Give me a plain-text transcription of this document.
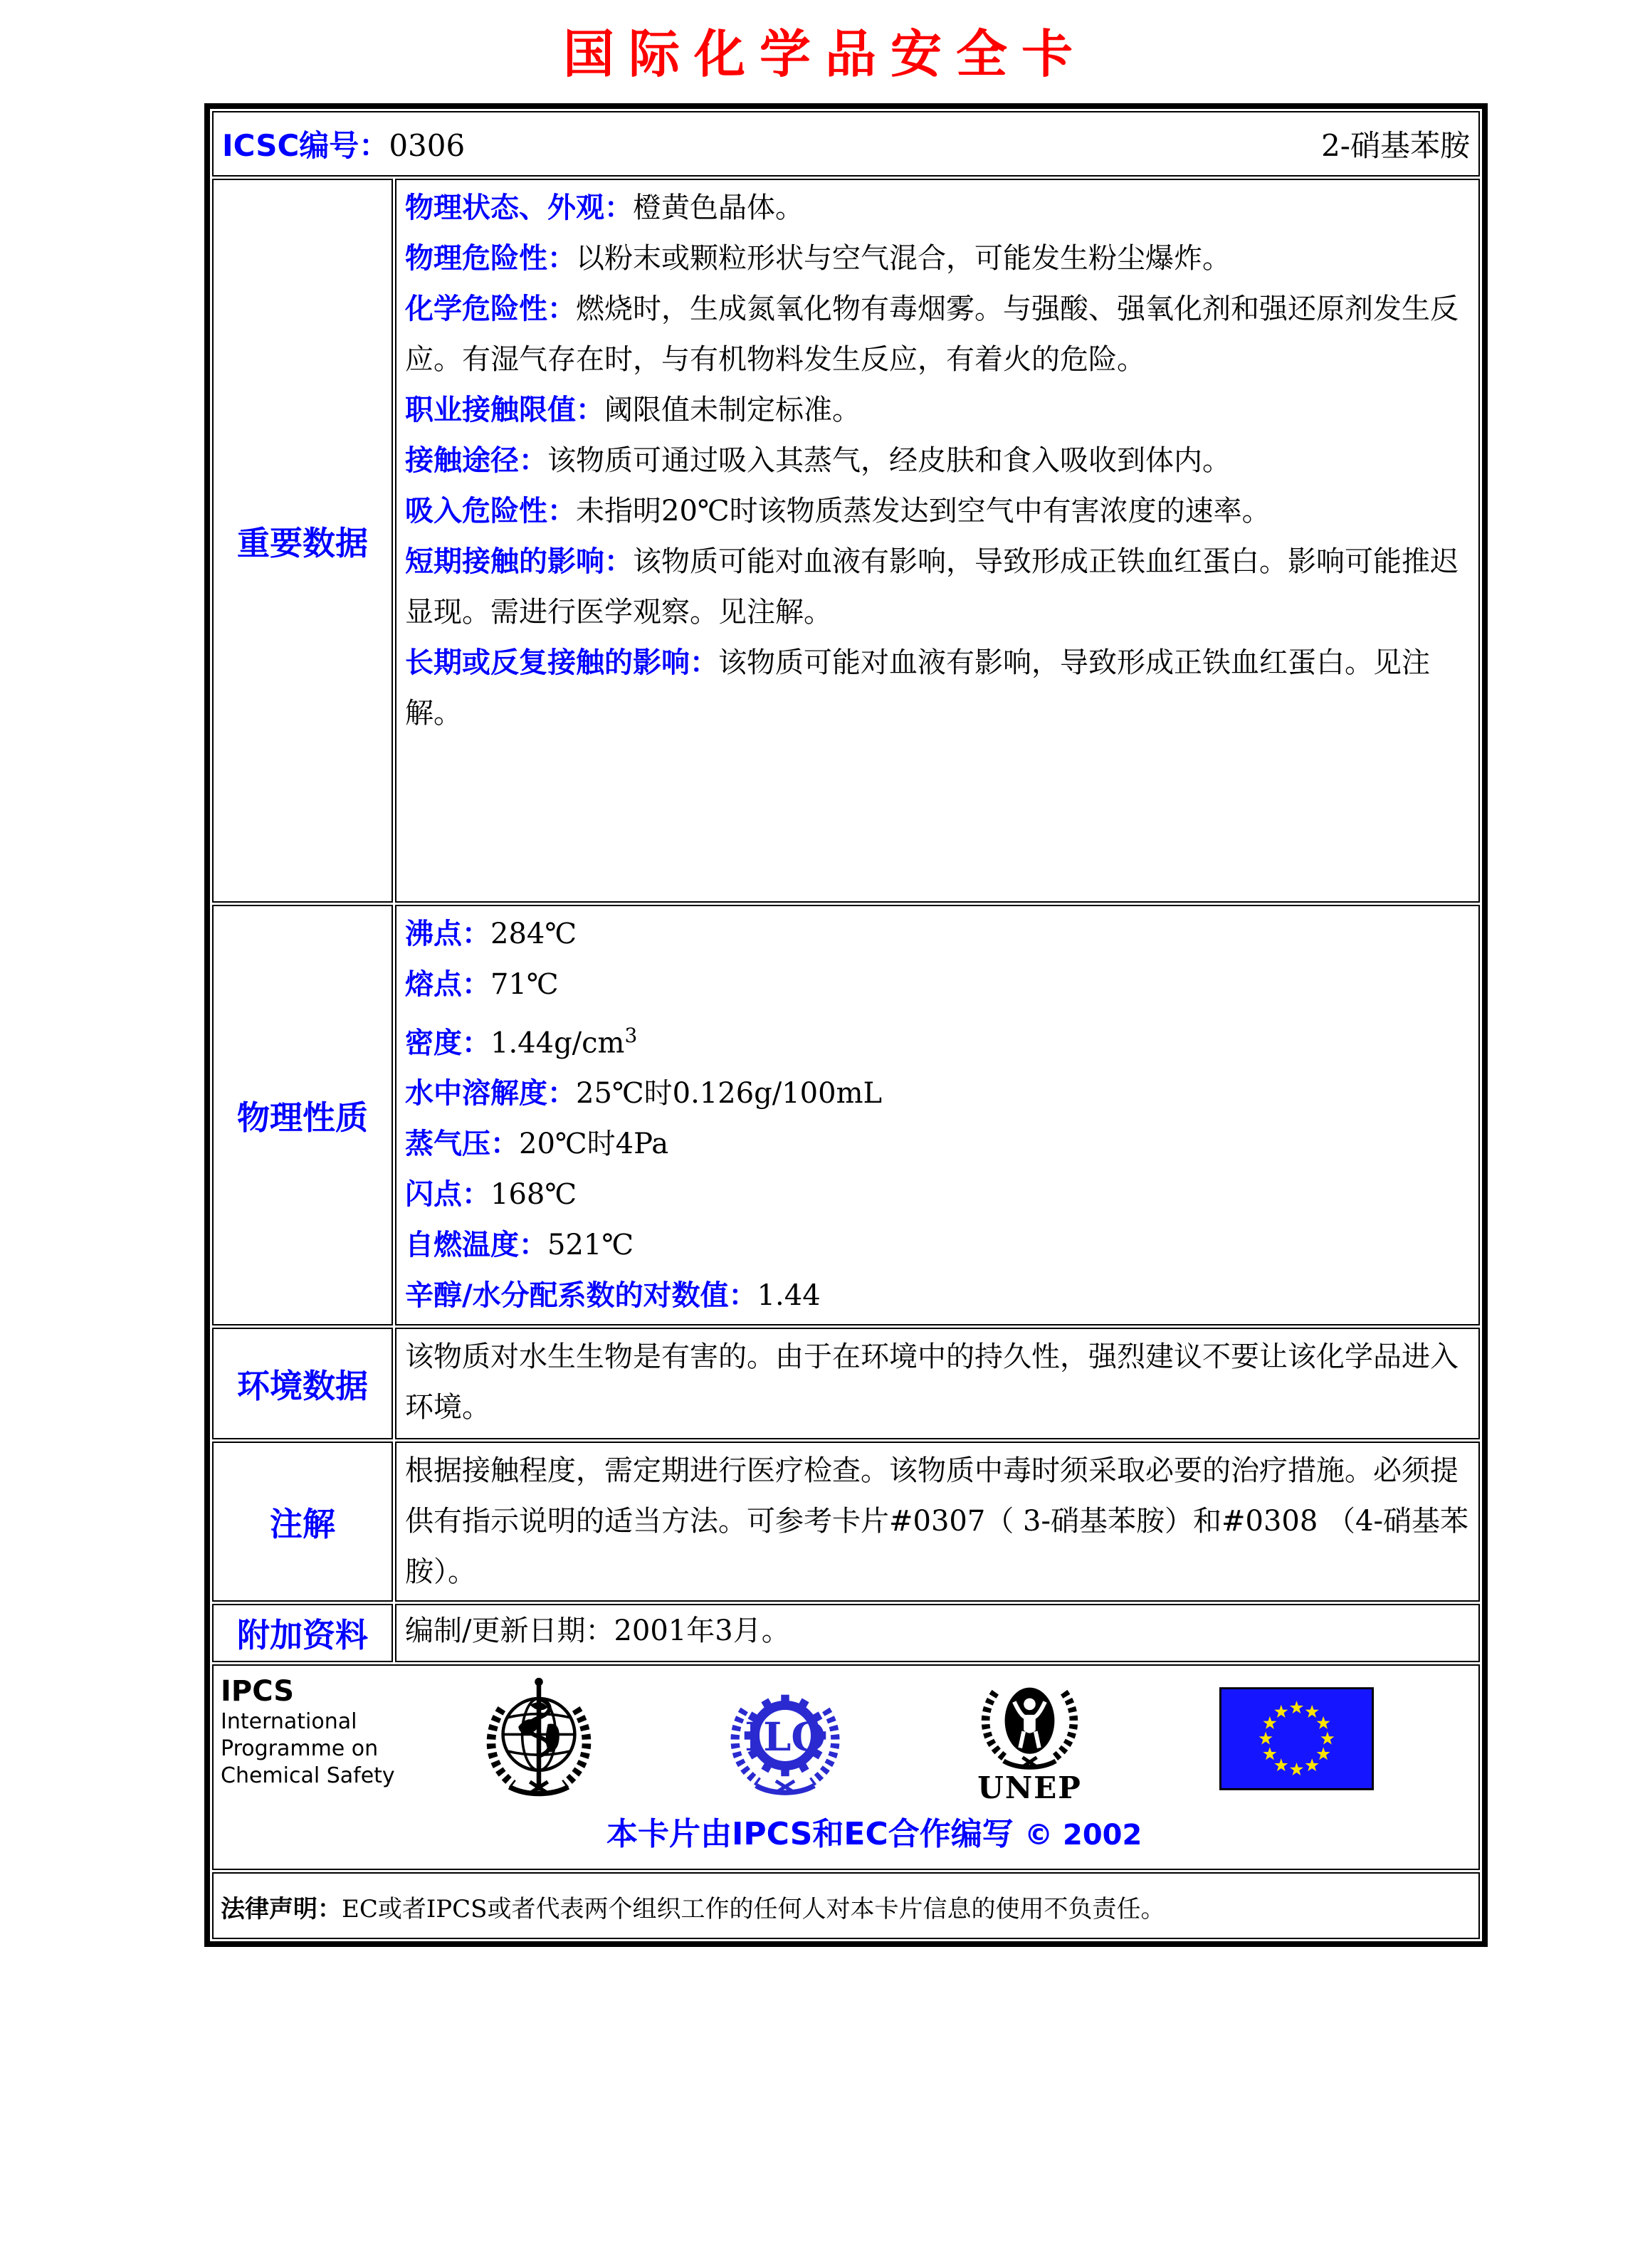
国际化学品安全卡
ICSC编号：0306 2-硝基苯胺	

重要数据	

物理状态、外观：橙黄色晶体。

物理危险性：以粉末或颗粒形状与空气混合，可能发生粉尘爆炸。

化学危险性：燃烧时，生成氮氧化物有毒烟雾。与强酸、强氧化剂和强还原剂发生反应。有湿气存在时，与有机物料发生反应，有着火的危险。

职业接触限值：阈限值未制定标准。

接触途径：该物质可通过吸入其蒸气，经皮肤和食入吸收到体内。

吸入危险性：未指明20℃时该物质蒸发达到空气中有害浓度的速率。

短期接触的影响：该物质可能对血液有影响，导致形成正铁血红蛋白。影响可能推迟显现。需进行医学观察。见注解。

长期或反复接触的影响：该物质可能对血液有影响，导致形成正铁血红蛋白。见注解。

物理性质	

沸点：284℃

熔点：71℃

密度：$1.44g/cm^3$

水中溶解度：25℃时0.126g/100mL

蒸气压：20℃时4Pa

闪点：168℃

自燃温度：521℃

辛醇/水分配系数的对数值：1.44

环境数据	该物质对水生生物是有害的。由于在环境中的持久性，强烈建议不要让该化学品进入环境。

注解	根据接触程度，需定期进行医疗检查。该物质中毒时须采取必要的治疗措施。必须提供有指示说明的适当方法。可参考卡片#0307（ 3-硝基苯胺）和#0308 （4-硝基苯胺）。

附加资料	编制/更新日期：2001年3月。

IPCS
International
Programme on
Chemical Safety
ILO
UNEP
本卡片由IPCS和EC合作编写 © 2002

法律声明：EC或者IPCS或者代表两个组织工作的任何人对本卡片信息的使用不负责任。	
